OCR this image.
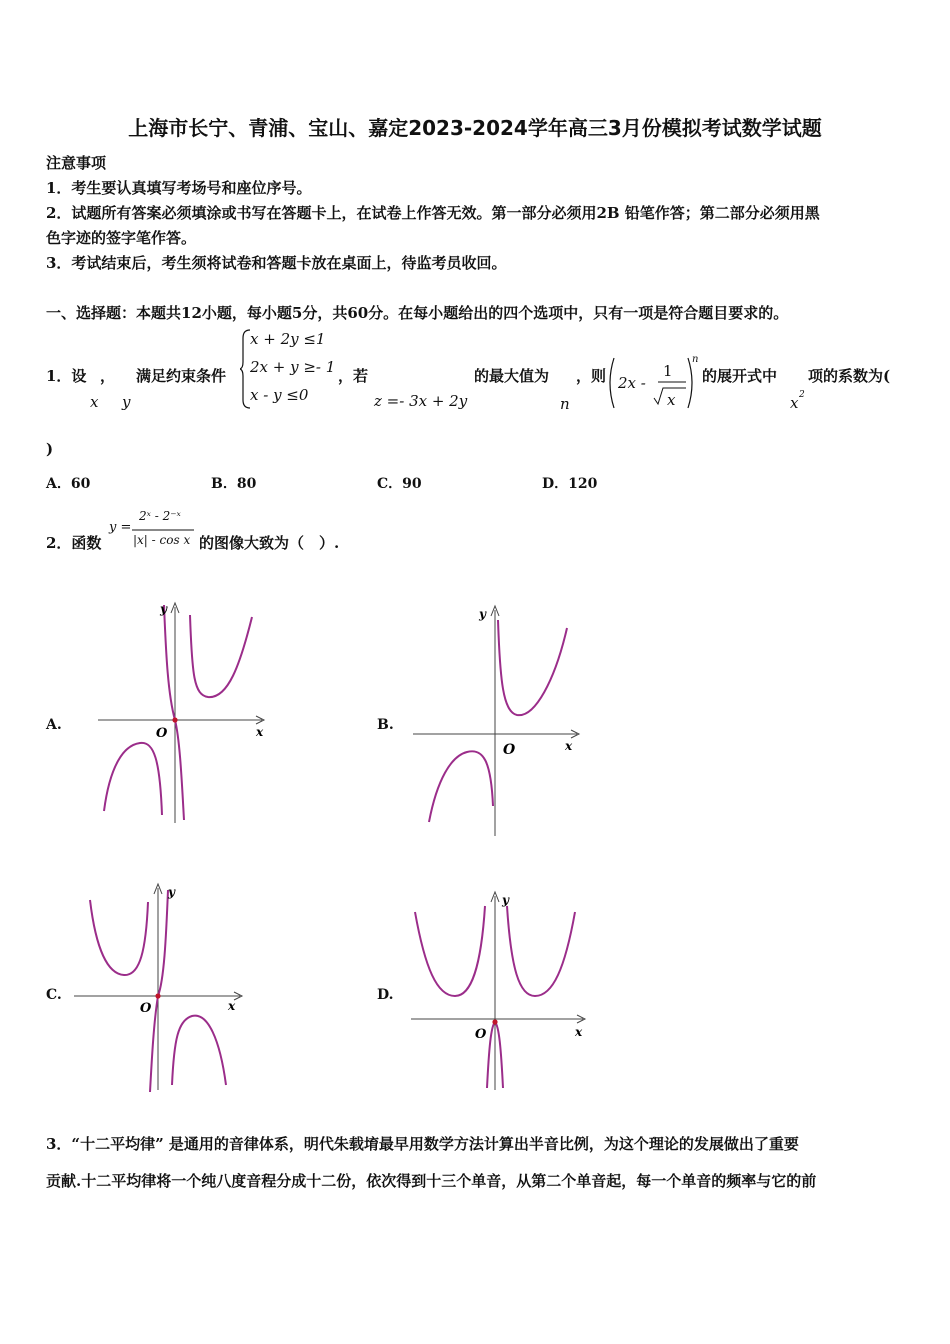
上海市长宁、青浦、宝山、嘉定2023-2024学年高三3月份模拟考试数学试题
注意事项
1．考生要认真填写考场号和座位序号。
2．试题所有答案必须填涂或书写在答题卡上，在试卷上作答无效。第一部分必须用2B 铅笔作答；第二部分必须用黑
色字迹的签字笔作答。
3．考试结束后，考生须将试卷和答题卡放在桌面上，待监考员收回。
一、选择题：本题共12小题，每小题5分，共60分。在每小题给出的四个选项中，只有一项是符合题目要求的。
1．设 ， 满足约束条件
x y
x + 2y ≤1
2x + y ≥- 1
x - y ≤0
，若
z =- 3x + 2y
的最大值为
n
，则 2x -
1
x
n
的展开式中 项的系数为(
x 2
)
A．60	B．80	C．90	D．120
2．函数
y =
2ˣ - 2⁻ˣ
|x| - cos x 的图像大致为（　）.
A.	B.
C.	D.
O	x
y
O	x
y
O	x
y
O	x
y
3．“十二平均律” 是通用的音律体系，明代朱载堉最早用数学方法计算出半音比例，为这个理论的发展做出了重要
贡献.十二平均律将一个纯八度音程分成十二份，依次得到十三个单音，从第二个单音起，每一个单音的频率与它的前
